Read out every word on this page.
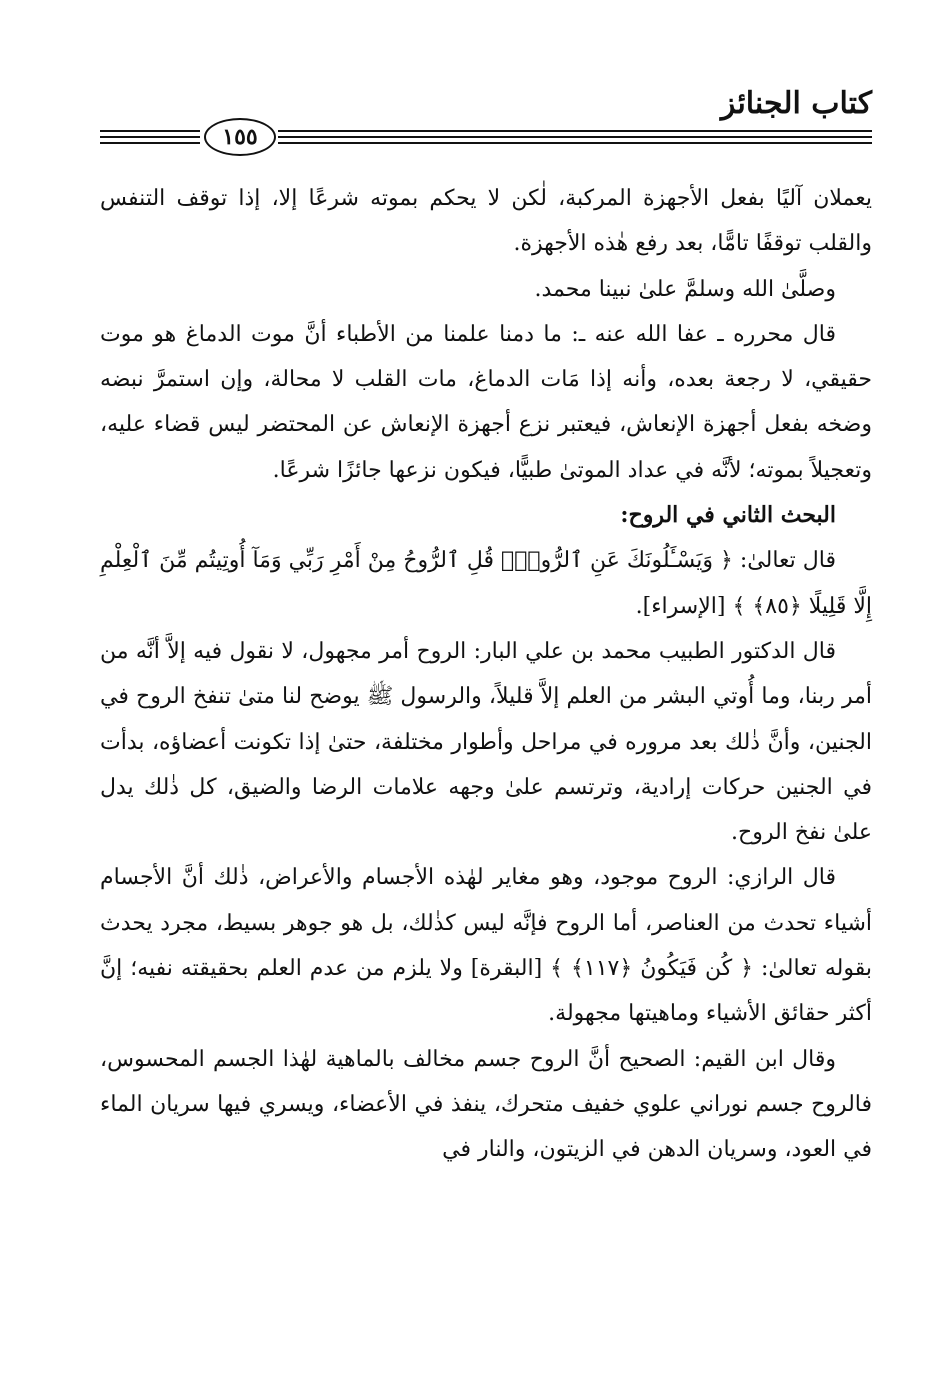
كتاب الجنائز
١٥٥

يعملان آليًا بفعل الأجهزة المركبة، لٰكن لا يحكم بموته شرعًا إلا، إذا توقف التنفس والقلب توقفًا تامًّا، بعد رفع هٰذه الأجهزة.

وصلَّىٰ الله وسلمَّ علىٰ نبينا محمد.

قال محرره ـ عفا الله عنه ـ: ما دمنا علمنا من الأطباء أنَّ موت الدماغ هو موت حقيقي، لا رجعة بعده، وأنه إذا مَات الدماغ، مات القلب لا محالة، وإن استمرَّ نبضه وضخه بفعل أجهزة الإنعاش، فيعتبر نزع أجهزة الإنعاش عن المحتضر ليس قضاء عليه، وتعجيلاً بموته؛ لأنَّه في عداد الموتىٰ طبيًّا، فيكون نزعها جائزًا شرعًا.

البحث الثاني في الروح:

قال تعالىٰ: ﴿ وَيَسْـَٔلُونَكَ عَنِ ٱلرُّوحِۖ قُلِ ٱلرُّوحُ مِنْ أَمْرِ رَبِّي وَمَآ أُوتِيتُم مِّنَ ٱلْعِلْمِ إِلَّا قَلِيلًا ﴿٨٥﴾ ﴾ [الإسراء].

قال الدكتور الطبيب محمد بن علي البار: الروح أمر مجهول، لا نقول فيه إلاَّ أنَّه من أمر ربنا، وما أُوتي البشر من العلم إلاَّ قليلاً، والرسول ﷺ يوضح لنا متىٰ تنفخ الروح في الجنين، وأنَّ ذٰلك بعد مروره في مراحل وأطوار مختلفة، حتىٰ إذا تكونت أعضاؤه، بدأت في الجنين حركات إرادية، وترتسم علىٰ وجهه علامات الرضا والضيق، كل ذٰلك يدل علىٰ نفخ الروح.

قال الرازي: الروح موجود، وهو مغاير لهٰذه الأجسام والأعراض، ذٰلك أنَّ الأجسام أشياء تحدث من العناصر، أما الروح فإنَّه ليس كذٰلك، بل هو جوهر بسيط، مجرد يحدث بقوله تعالىٰ: ﴿ كُن فَيَكُونُ ﴿١١٧﴾ ﴾ [البقرة] ولا يلزم من عدم العلم بحقيقته نفيه؛ إنَّ أكثر حقائق الأشياء وماهيتها مجهولة.

وقال ابن القيم: الصحيح أنَّ الروح جسم مخالف بالماهية لهٰذا الجسم المحسوس، فالروح جسم نوراني علوي خفيف متحرك، ينفذ في الأعضاء، ويسري فيها سريان الماء في العود، وسريان الدهن في الزيتون، والنار في
